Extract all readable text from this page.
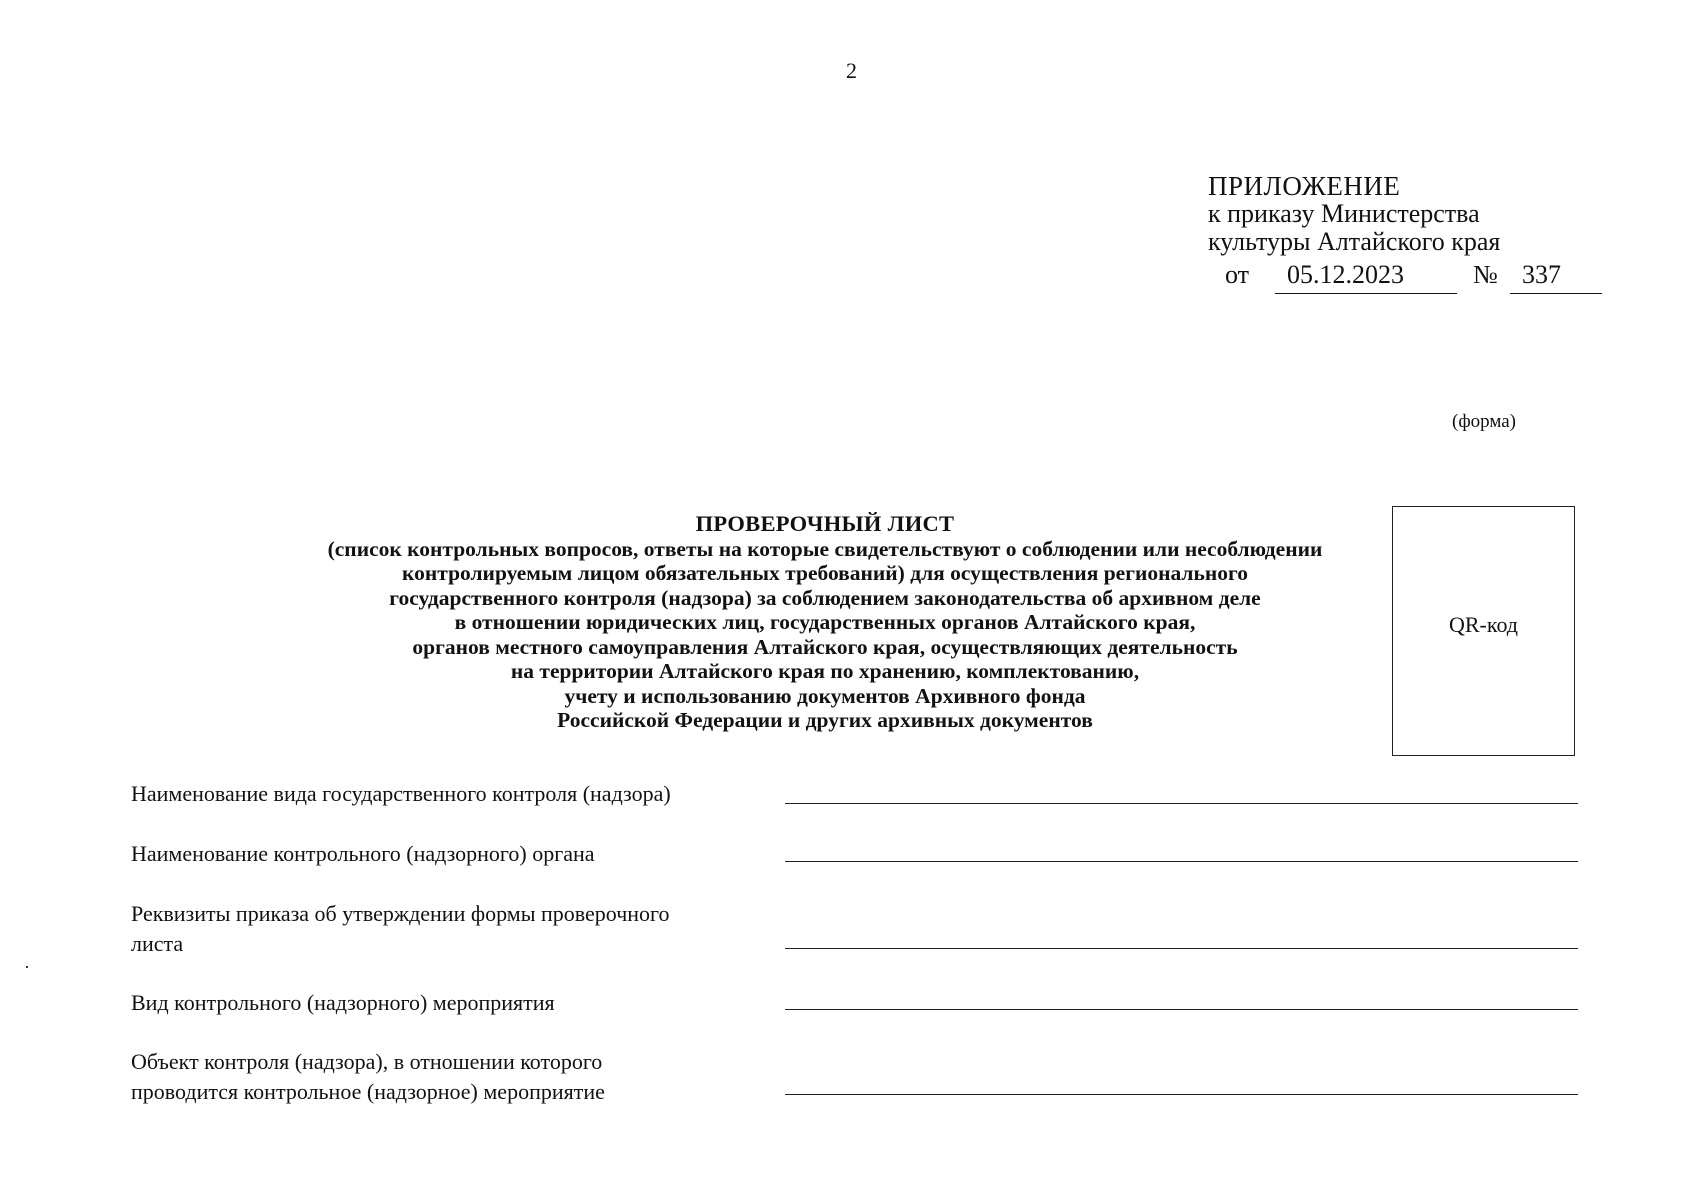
2
ПРИЛОЖЕНИЕ
к приказу Министерства
культуры Алтайского края
от	05.12.2023	№ 337
(форма)
ПРОВЕРОЧНЫЙ ЛИСТ
(список контрольных вопросов, ответы на которые свидетельствуют о соблюдении или несоблюдении
контролируемым лицом обязательных требований) для осуществления регионального
государственного контроля (надзора) за соблюдением законодательства об архивном деле
в отношении юридических лиц, государственных органов Алтайского края,
органов местного самоуправления Алтайского края, осуществляющих деятельность
на территории Алтайского края по хранению, комплектованию,
учету и использованию документов Архивного фонда
Российской Федерации и других архивных документов
QR-код
Наименование вида государственного контроля (надзора)
Наименование контрольного (надзорного) органа
Реквизиты приказа об утверждении формы проверочного
листа
Вид контрольного (надзорного) мероприятия
Объект контроля (надзора), в отношении которого
проводится контрольное (надзорное) мероприятие
